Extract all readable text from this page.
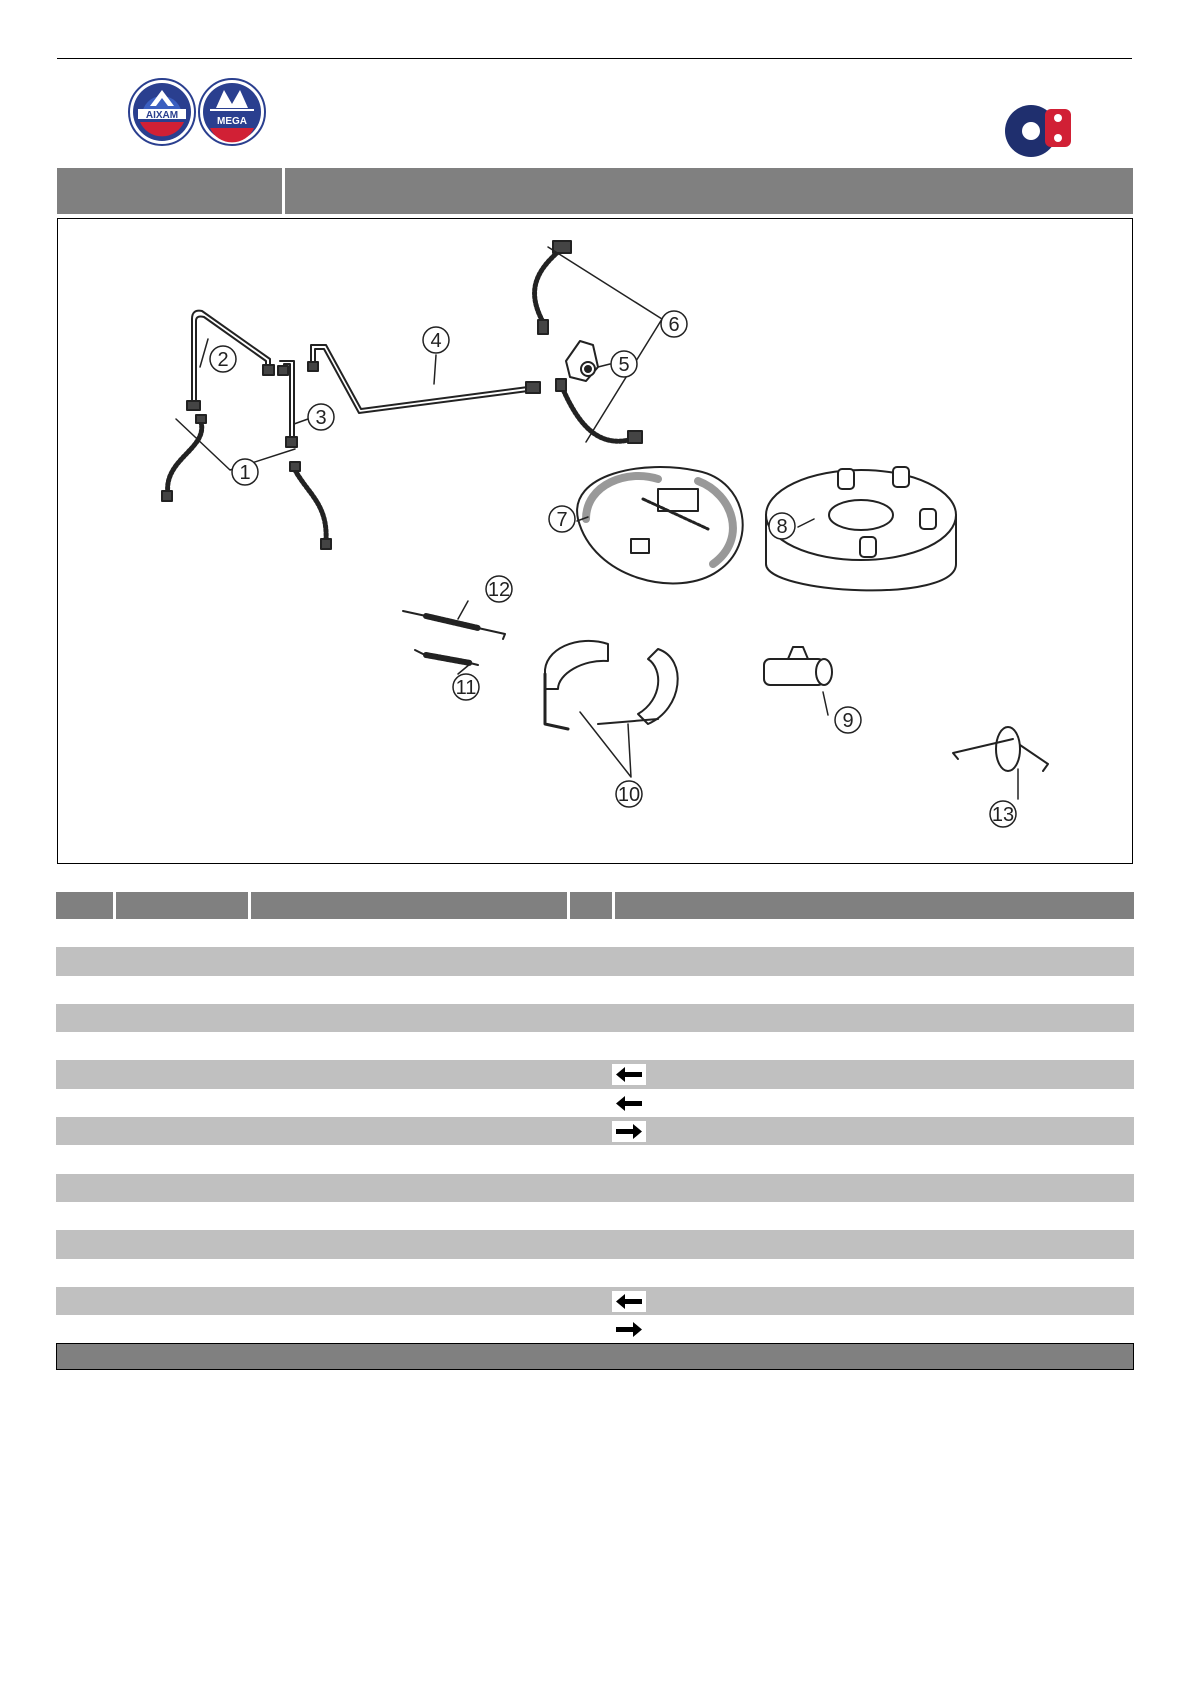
AIXAM
MEGA
1
2
3
4
5
6
7	8
9
10
11
12
13
